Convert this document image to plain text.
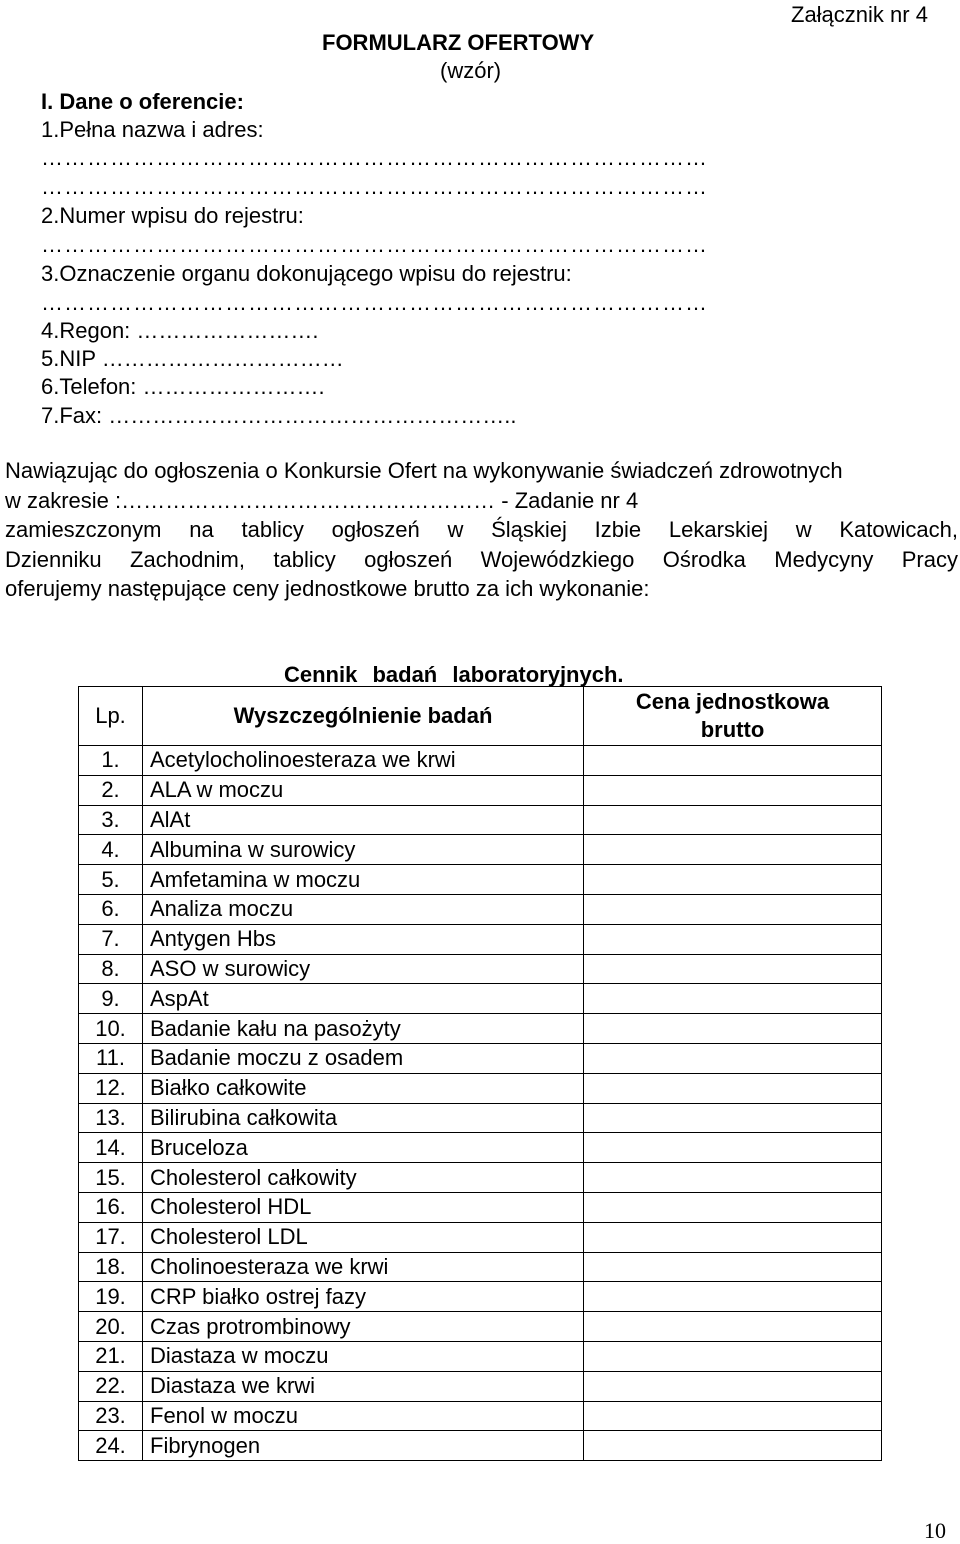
Załącznik nr 4
FORMULARZ OFERTOWY
(wzór)
I. Dane o oferencie:
1.Pełna nazwa i adres:
……………………………………………………………………………
……………………………………………………………………………
2.Numer wpisu do rejestru:
……………………………………………………………………………
3.Oznaczenie organu dokonującego wpisu do rejestru:
……………………………………………………………………………
4.Regon: …………………….
5.NIP ……………………………
6.Telefon: …………………….
7.Fax: ………………………………………………..
Nawiązując do ogłoszenia o Konkursie Ofert na wykonywanie świadczeń zdrowotnych
w zakresie :…………………………………………… - Zadanie nr 4
zamieszczonym na tablicy ogłoszeń w Śląskiej Izbie Lekarskiej w Katowicach,
Dzienniku Zachodnim, tablicy ogłoszeń Wojewódzkiego Ośrodka Medycyny Pracy
oferujemy następujące ceny jednostkowe brutto za ich wykonanie:
Cennik badań laboratoryjnych.
Lp.	Wyszczególnienie badań	Cena jednostkowa
brutto

1.	Acetylocholinoesteraza we krwi	
2.	ALA w moczu	
3.	AlAt	
4.	Albumina w surowicy	
5.	Amfetamina w moczu	
6.	Analiza moczu	
7.	Antygen Hbs	
8.	ASO w surowicy	
9.	AspAt	
10.	Badanie kału na pasożyty	
11.	Badanie moczu z osadem	
12.	Białko całkowite	
13.	Bilirubina całkowita	
14.	Bruceloza	
15.	Cholesterol całkowity	
16.	Cholesterol HDL	
17.	Cholesterol LDL	
18.	Cholinoesteraza we krwi	
19.	CRP białko ostrej fazy	
20.	Czas protrombinowy	
21.	Diastaza w moczu	
22.	Diastaza we krwi	
23.	Fenol w moczu	
24.	Fibrynogen	
10
